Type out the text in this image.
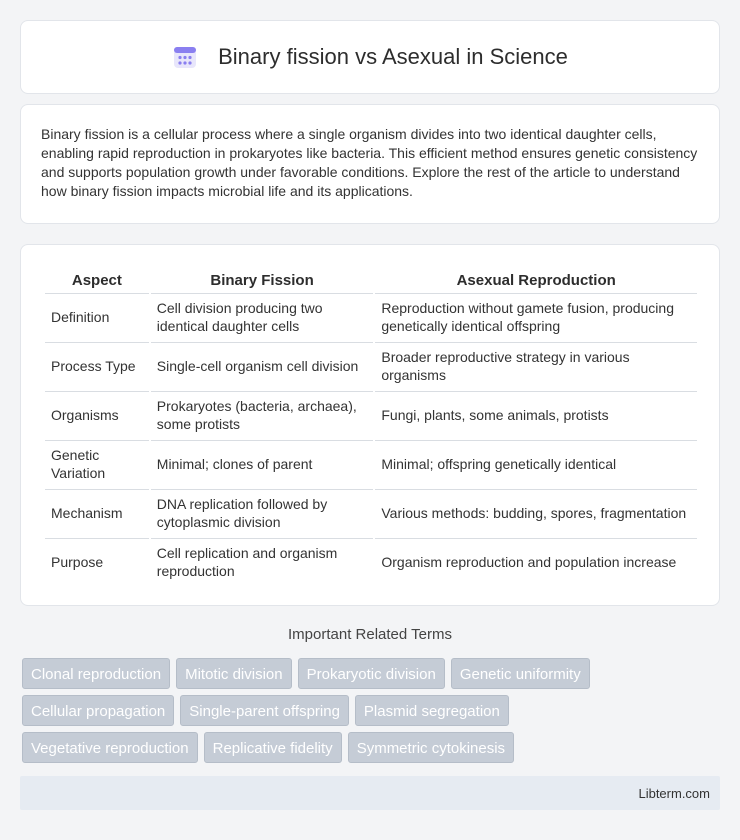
Binary fission vs Asexual in Science

Binary fission is a cellular process where a single organism divides into two identical daughter cells, enabling rapid reproduction in prokaryotes like bacteria. This efficient method ensures genetic consistency and supports population growth under favorable conditions. Explore the rest of the article to understand how binary fission impacts microbial life and its applications.

Aspect	Binary Fission	Asexual Reproduction
Definition	Cell division producing two identical daughter cells	Reproduction without gamete fusion, producing genetically identical offspring
Process Type	Single-cell organism cell division	Broader reproductive strategy in various organisms
Organisms	Prokaryotes (bacteria, archaea), some protists	Fungi, plants, some animals, protists
Genetic Variation	Minimal; clones of parent	Minimal; offspring genetically identical
Mechanism	DNA replication followed by cytoplasmic division	Various methods: budding, spores, fragmentation
Purpose	Cell replication and organism reproduction	Organism reproduction and population increase
Important Related Terms
Clonal reproduction	Mitotic division	Prokaryotic division	Genetic uniformity
Cellular propagation	Single-parent offspring	Plasmid segregation
Vegetative reproduction	Replicative fidelity	Symmetric cytokinesis
Libterm.com
